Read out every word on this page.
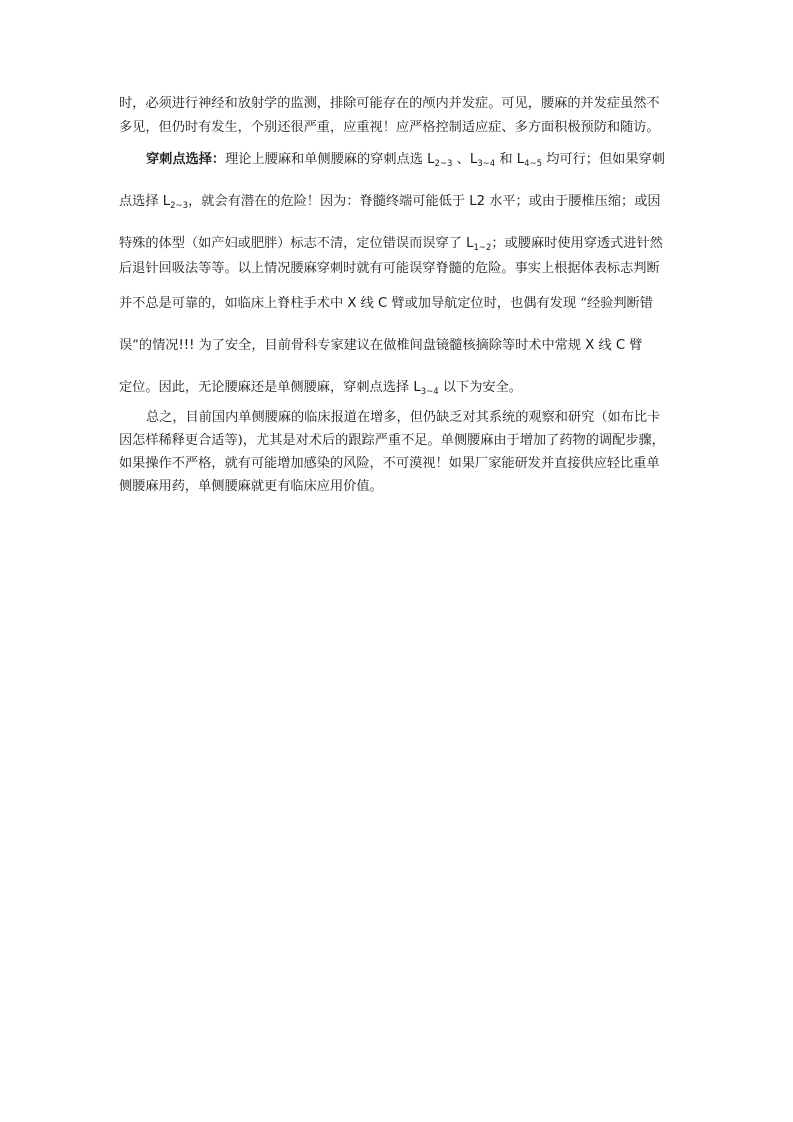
时，必须进行神经和放射学的监测，排除可能存在的颅内并发症。可见，腰麻的并发症虽然不
多见，但仍时有发生，个别还很严重，应重视！应严格控制适应症、多方面积极预防和随访。
穿刺点选择：理论上腰麻和单侧腰麻的穿刺点选 $L_{2\sim 3}$ 、$L_{3\sim 4}$ 和 $L_{4\sim 5}$ 均可行；但如果穿刺
点选择 $L_{2\sim 3}$，就会有潜在的危险！因为：脊髓终端可能低于 L2 水平；或由于腰椎压缩；或因
特殊的体型（如产妇或肥胖）标志不清，定位错误而误穿了 $L_{1\sim 2}$；或腰麻时使用穿透式进针然
后退针回吸法等等。以上情况腰麻穿刺时就有可能误穿脊髓的危险。事实上根据体表标志判断
并不总是可靠的，如临床上脊柱手术中 X 线 C 臂或加导航定位时，也偶有发现 “经验判断错
误”的情况!!! 为了安全，目前骨科专家建议在做椎间盘镜髓核摘除等时术中常规 X 线 C 臂
定位。因此，无论腰麻还是单侧腰麻，穿刺点选择 $L_{3\sim 4}$ 以下为安全。
总之，目前国内单侧腰麻的临床报道在增多，但仍缺乏对其系统的观察和研究（如布比卡
因怎样稀释更合适等)，尤其是对术后的跟踪严重不足。单侧腰麻由于增加了药物的调配步骤，
如果操作不严格，就有可能增加感染的风险，不可漠视！如果厂家能研发并直接供应轻比重单
侧腰麻用药，单侧腰麻就更有临床应用价值。
